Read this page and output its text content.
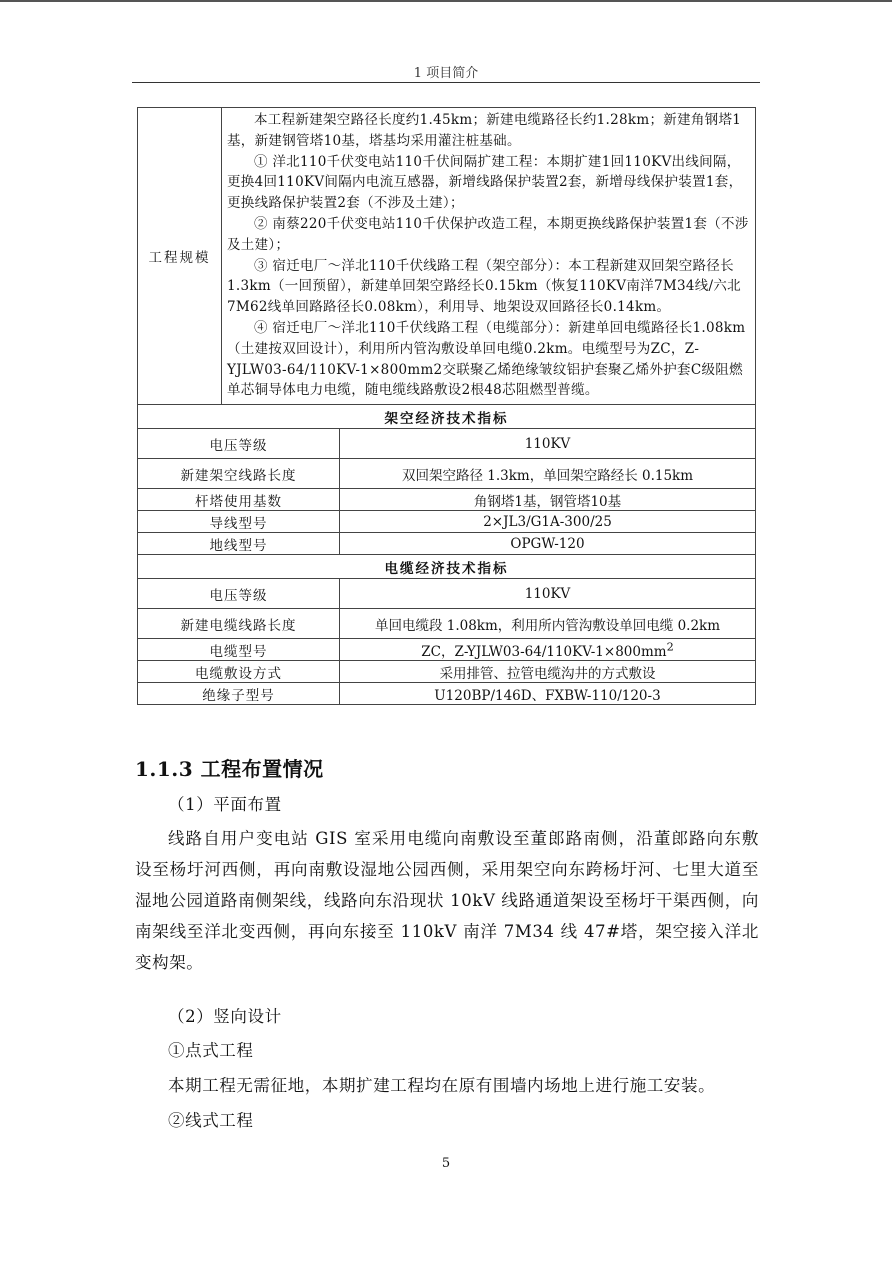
1 项目简介
工程规模	本工程新建架空路径长度约1.45km；新建电缆路径长约1.28km；新建角钢塔1基，新建钢管塔10基，塔基均采用灌注桩基础。

① 洋北110千伏变电站110千伏间隔扩建工程：本期扩建1回110KV出线间隔，更换4回110KV间隔内电流互感器，新增线路保护装置2套，新增母线保护装置1套，更换线路保护装置2套（不涉及土建）；

② 南蔡220千伏变电站110千伏保护改造工程，本期更换线路保护装置1套（不涉及土建）；

③ 宿迁电厂～洋北110千伏线路工程（架空部分）：本工程新建双回架空路径长1.3km（一回预留），新建单回架空路经长0.15km（恢复110KV南洋7M34线/六北7M62线单回路路径长0.08km），利用导、地架设双回路径长0.14km。

④ 宿迁电厂～洋北110千伏线路工程（电缆部分）：新建单回电缆路径长1.08km（土建按双回设计），利用所内管沟敷设单回电缆0.2km。电缆型号为ZC，Z-YJLW03-64/110KV-1×800mm2交联聚乙烯绝缘皱纹铝护套聚乙烯外护套C级阻燃单芯铜导体电力电缆，随电缆线路敷设2根48芯阻燃型普缆。	

架空经济技术指标		
电压等级		110KV
新建架空线路长度		双回架空路径 1.3km，单回架空路经长 0.15km
杆塔使用基数		角钢塔1基，钢管塔10基
导线型号		2×JL3/G1A-300/25
地线型号		OPGW-120
电缆经济技术指标		
电压等级		110KV
新建电缆线路长度		单回电缆段 1.08km，利用所内管沟敷设单回电缆 0.2km
电缆型号		ZC，$Z-YJLW03-64/110KV-1\times 800mm^2$
电缆敷设方式		采用排管、拉管电缆沟井的方式敷设
绝缘子型号		U120BP/146D、FXBW-110/120-3
1.1.3 工程布置情况

（1）平面布置

线路自用户变电站 GIS 室采用电缆向南敷设至董郎路南侧，沿董郎路向东敷设至杨圩河西侧，再向南敷设湿地公园西侧，采用架空向东跨杨圩河、七里大道至湿地公园道路南侧架线，线路向东沿现状 10kV 线路通道架设至杨圩干渠西侧，向南架线至洋北变西侧，再向东接至 110kV 南洋 7M34 线 47#塔，架空接入洋北变构架。

（2）竖向设计

①点式工程

本期工程无需征地，本期扩建工程均在原有围墙内场地上进行施工安装。

②线式工程

5
